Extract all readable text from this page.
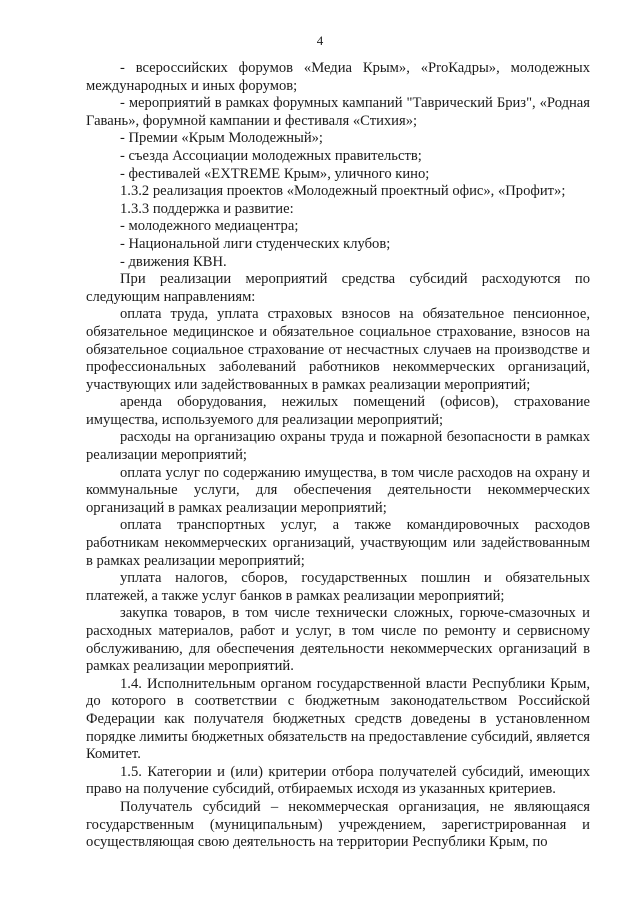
4

- всероссийских форумов «Медиа Крым», «ProКадры», молодежных международных и иных форумов;

- мероприятий в рамках форумных кампаний "Таврический Бриз", «Родная Гавань», форумной кампании и фестиваля «Стихия»;

- Премии «Крым Молодежный»;

- съезда Ассоциации молодежных правительств;

- фестивалей «EXTREME Крым», уличного кино;

1.3.2 реализация проектов «Молодежный проектный офис», «Профит»;

1.3.3 поддержка и развитие:

- молодежного медиацентра;

- Национальной лиги студенческих клубов;

- движения КВН.

При реализации мероприятий средства субсидий расходуются по следующим направлениям:

оплата труда, уплата страховых взносов на обязательное пенсионное, обязательное медицинское и обязательное социальное страхование, взносов на обязательное социальное страхование от несчастных случаев на производстве и профессиональных заболеваний работников некоммерческих организаций, участвующих или задействованных в рамках реализации мероприятий;

аренда оборудования, нежилых помещений (офисов), страхование имущества, используемого для реализации мероприятий;

расходы на организацию охраны труда и пожарной безопасности в рамках реализации мероприятий;

оплата услуг по содержанию имущества, в том числе расходов на охрану и коммунальные услуги, для обеспечения деятельности некоммерческих организаций в рамках реализации мероприятий;

оплата транспортных услуг, а также командировочных расходов работникам некоммерческих организаций, участвующим или задействованным в рамках реализации мероприятий;

уплата налогов, сборов, государственных пошлин и обязательных платежей, а также услуг банков в рамках реализации мероприятий;

закупка товаров, в том числе технически сложных, горюче-смазочных и расходных материалов, работ и услуг, в том числе по ремонту и сервисному обслуживанию, для обеспечения деятельности некоммерческих организаций в рамках реализации мероприятий.

1.4. Исполнительным органом государственной власти Республики Крым, до которого в соответствии с бюджетным законодательством Российской Федерации как получателя бюджетных средств доведены в установленном порядке лимиты бюджетных обязательств на предоставление субсидий, является Комитет.

1.5. Категории и (или) критерии отбора получателей субсидий, имеющих право на получение субсидий, отбираемых исходя из указанных критериев.

Получатель субсидий – некоммерческая организация, не являющаяся государственным (муниципальным) учреждением, зарегистрированная и осуществляющая свою деятельность на территории Республики Крым, по
